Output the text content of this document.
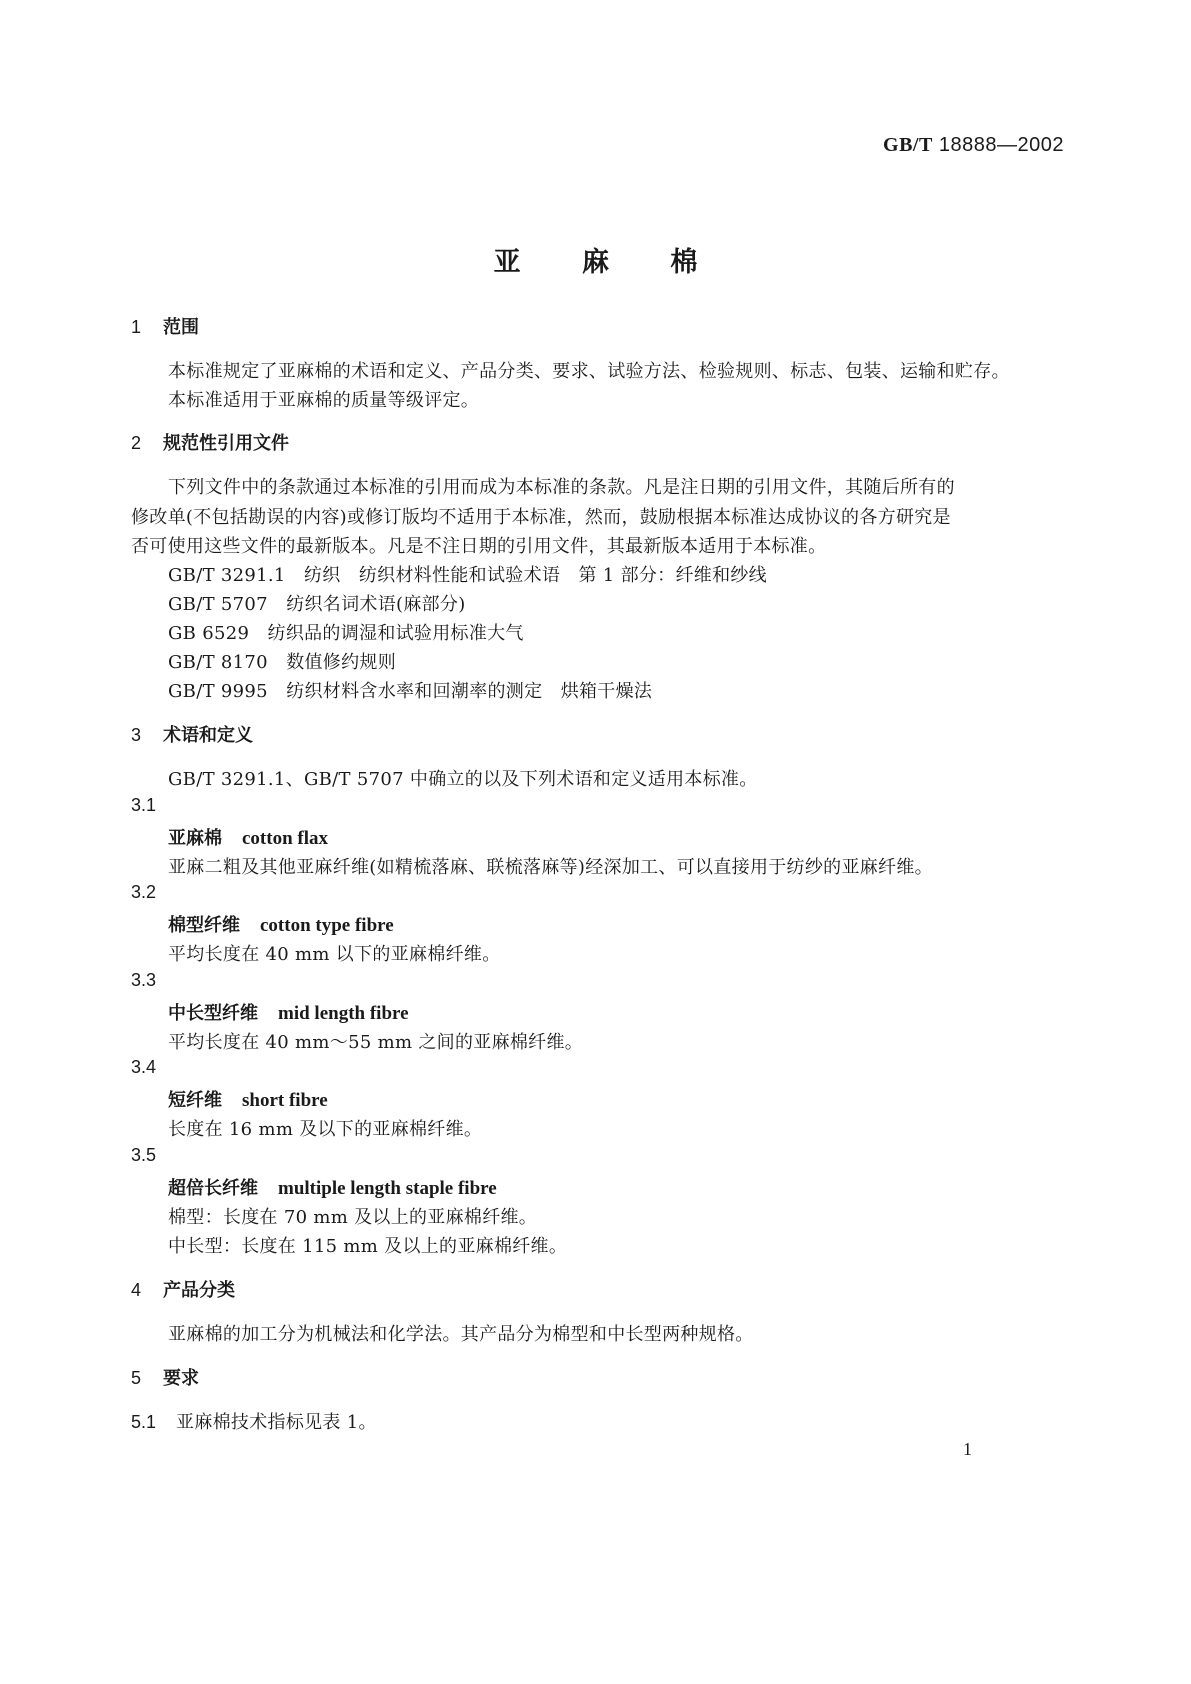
GB/T 18888—2002
亚 麻 棉
1 范围
本标准规定了亚麻棉的术语和定义、产品分类、要求、试验方法、检验规则、标志、包装、运输和贮存。
本标准适用于亚麻棉的质量等级评定。
2 规范性引用文件
下列文件中的条款通过本标准的引用而成为本标准的条款。凡是注日期的引用文件，其随后所有的
修改单(不包括勘误的内容)或修订版均不适用于本标准，然而，鼓励根据本标准达成协议的各方研究是
否可使用这些文件的最新版本。凡是不注日期的引用文件，其最新版本适用于本标准。
GB/T 3291.1　纺织　纺织材料性能和试验术语　第 1 部分：纤维和纱线
GB/T 5707　纺织名词术语(麻部分)
GB 6529　纺织品的调湿和试验用标准大气
GB/T 8170　数值修约规则
GB/T 9995　纺织材料含水率和回潮率的测定　烘箱干燥法
3 术语和定义
GB/T 3291.1、GB/T 5707 中确立的以及下列术语和定义适用本标准。
3.1
亚麻棉 cotton flax
亚麻二粗及其他亚麻纤维(如精梳落麻、联梳落麻等)经深加工、可以直接用于纺纱的亚麻纤维。
3.2
棉型纤维 cotton type fibre
平均长度在 40 mm 以下的亚麻棉纤维。
3.3
中长型纤维 mid length fibre
平均长度在 40 mm～55 mm 之间的亚麻棉纤维。
3.4
短纤维 short fibre
长度在 16 mm 及以下的亚麻棉纤维。
3.5
超倍长纤维 multiple length staple fibre
棉型：长度在 70 mm 及以上的亚麻棉纤维。
中长型：长度在 115 mm 及以上的亚麻棉纤维。
4 产品分类
亚麻棉的加工分为机械法和化学法。其产品分为棉型和中长型两种规格。
5 要求
5.1 亚麻棉技术指标见表 1。
1
